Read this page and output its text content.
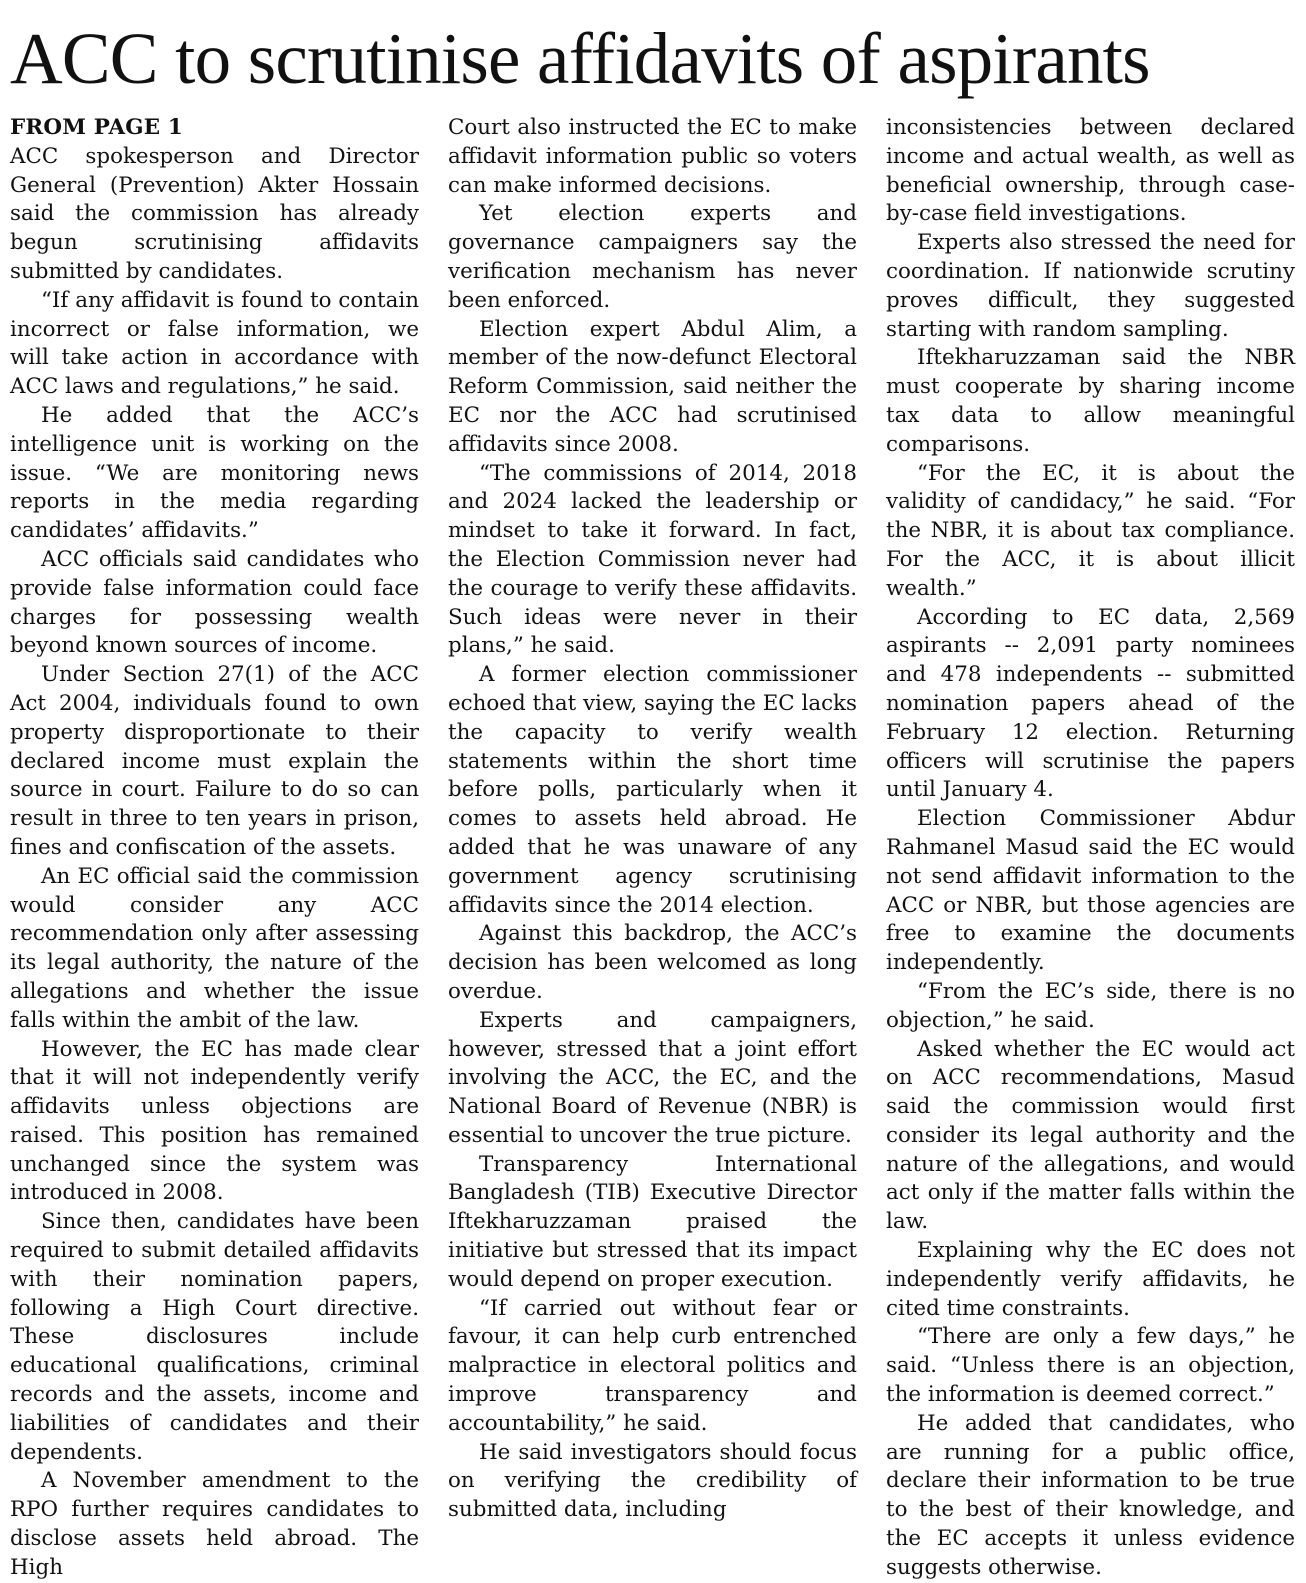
ACC to scrutinise affidavits of aspirants

FROM PAGE 1

ACC spokesperson and Director General (Prevention) Akter Hossain said the commission has already begun scrutinising affidavits submitted by candidates.

“If any affidavit is found to contain incorrect or false information, we will take action in accordance with ACC laws and regulations,” he said.

He added that the ACC’s intelligence unit is working on the issue. “We are monitoring news reports in the media regarding candidates’ affidavits.”

ACC officials said candidates who provide false information could face charges for possessing wealth beyond known sources of income.

Under Section 27(1) of the ACC Act 2004, individuals found to own property disproportionate to their declared income must explain the source in court. Failure to do so can result in three to ten years in prison, fines and confiscation of the assets.

An EC official said the commission would consider any ACC recommendation only after assessing its legal authority, the nature of the allegations and whether the issue falls within the ambit of the law.

However, the EC has made clear that it will not independently verify affidavits unless objections are raised. This position has remained unchanged since the system was introduced in 2008.

Since then, candidates have been required to submit detailed affidavits with their nomination papers, following a High Court directive. These disclosures include educational qualifications, criminal records and the assets, income and liabilities of candidates and their dependents.

A November amendment to the RPO further requires candidates to disclose assets held abroad. The High

Court also instructed the EC to make affidavit information public so voters can make informed decisions.

Yet election experts and governance campaigners say the verification mechanism has never been enforced.

Election expert Abdul Alim, a member of the now-defunct Electoral Reform Commission, said neither the EC nor the ACC had scrutinised affidavits since 2008.

“The commissions of 2014, 2018 and 2024 lacked the leadership or mindset to take it forward. In fact, the Election Commission never had the courage to verify these affidavits. Such ideas were never in their plans,” he said.

A former election commissioner echoed that view, saying the EC lacks the capacity to verify wealth statements within the short time before polls, particularly when it comes to assets held abroad. He added that he was unaware of any government agency scrutinising affidavits since the 2014 election.

Against this backdrop, the ACC’s decision has been welcomed as long overdue.

Experts and campaigners, however, stressed that a joint effort involving the ACC, the EC, and the National Board of Revenue (NBR) is essential to uncover the true picture.

Transparency International Bangladesh (TIB) Executive Director Iftekharuzzaman praised the initiative but stressed that its impact would depend on proper execution.

“If carried out without fear or favour, it can help curb entrenched malpractice in electoral politics and improve transparency and accountability,” he said.

He said investigators should focus on verifying the credibility of submitted data, including

inconsistencies between declared income and actual wealth, as well as beneficial ownership, through case-by-case field investigations.

Experts also stressed the need for coordination. If nationwide scrutiny proves difficult, they suggested starting with random sampling.

Iftekharuzzaman said the NBR must cooperate by sharing income tax data to allow meaningful comparisons.

“For the EC, it is about the validity of candidacy,” he said. “For the NBR, it is about tax compliance. For the ACC, it is about illicit wealth.”

According to EC data, 2,569 aspirants -- 2,091 party nominees and 478 independents -- submitted nomination papers ahead of the February 12 election. Returning officers will scrutinise the papers until January 4.

Election Commissioner Abdur Rahmanel Masud said the EC would not send affidavit information to the ACC or NBR, but those agencies are free to examine the documents independently.

“From the EC’s side, there is no objection,” he said.

Asked whether the EC would act on ACC recommendations, Masud said the commission would first consider its legal authority and the nature of the allegations, and would act only if the matter falls within the law.

Explaining why the EC does not independently verify affidavits, he cited time constraints.

“There are only a few days,” he said. “Unless there is an objection, the information is deemed correct.”

He added that candidates, who are running for a public office, declare their information to be true to the best of their knowledge, and the EC accepts it unless evidence suggests otherwise.
